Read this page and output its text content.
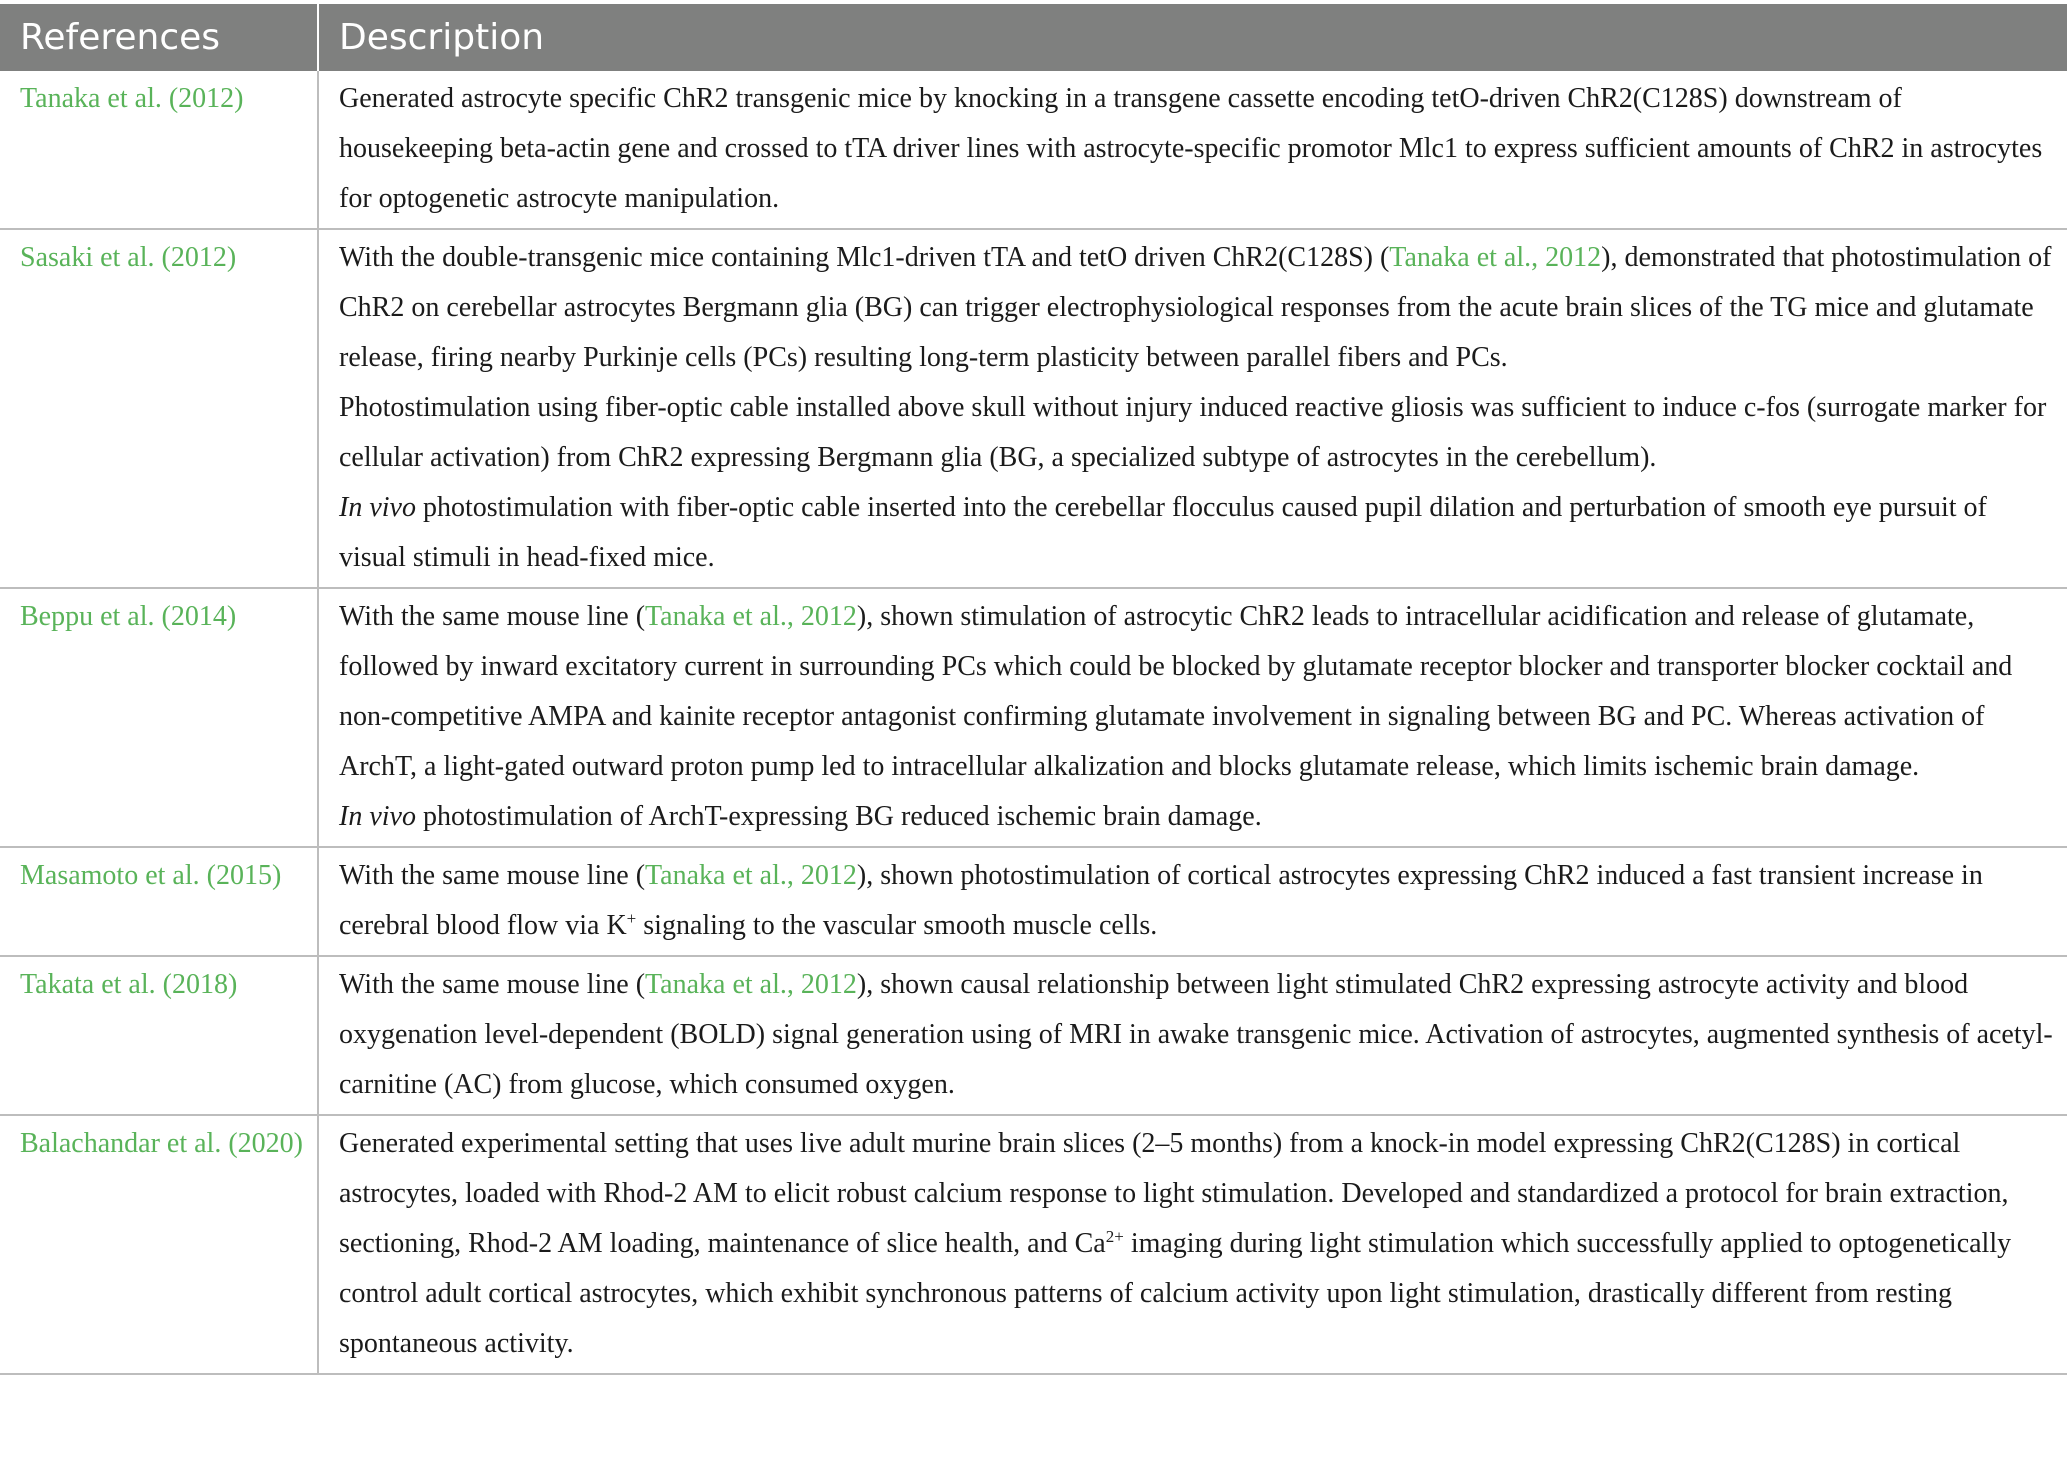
References	Description
Tanaka et al. (2012)	Generated astrocyte specific ChR2 transgenic mice by knocking in a transgene cassette encoding tetO-driven ChR2(C128S) downstream of housekeeping beta-actin gene and crossed to tTA driver lines with astrocyte-specific promotor Mlc1 to express sufficient amounts of ChR2 in astrocytes for optogenetic astrocyte manipulation.

Sasaki et al. (2012)	With the double-transgenic mice containing Mlc1-driven tTA and tetO driven ChR2(C128S) (Tanaka et al., 2012), demonstrated that photostimulation of ChR2 on cerebellar astrocytes Bergmann glia (BG) can trigger electrophysiological responses from the acute brain slices of the TG mice and glutamate release, firing nearby Purkinje cells (PCs) resulting long-term plasticity between parallel fibers and PCs.
Photostimulation using fiber-optic cable installed above skull without injury induced reactive gliosis was sufficient to induce c-fos (surrogate marker for cellular activation) from ChR2 expressing Bergmann glia (BG, a specialized subtype of astrocytes in the cerebellum).
In vivo photostimulation with fiber-optic cable inserted into the cerebellar flocculus caused pupil dilation and perturbation of smooth eye pursuit of visual stimuli in head-fixed mice.

Beppu et al. (2014)	With the same mouse line (Tanaka et al., 2012), shown stimulation of astrocytic ChR2 leads to intracellular acidification and release of glutamate, followed by inward excitatory current in surrounding PCs which could be blocked by glutamate receptor blocker and transporter blocker cocktail and non-competitive AMPA and kainite receptor antagonist confirming glutamate involvement in signaling between BG and PC. Whereas activation of ArchT, a light-gated outward proton pump led to intracellular alkalization and blocks glutamate release, which limits ischemic brain damage.
In vivo photostimulation of ArchT-expressing BG reduced ischemic brain damage.

Masamoto et al. (2015)	With the same mouse line (Tanaka et al., 2012), shown photostimulation of cortical astrocytes expressing ChR2 induced a fast transient increase in cerebral blood flow via K+ signaling to the vascular smooth muscle cells.

Takata et al. (2018)	With the same mouse line (Tanaka et al., 2012), shown causal relationship between light stimulated ChR2 expressing astrocyte activity and blood oxygenation level-dependent (BOLD) signal generation using of MRI in awake transgenic mice. Activation of astrocytes, augmented synthesis of acetyl-carnitine (AC) from glucose, which consumed oxygen.

Balachandar et al. (2020)	Generated experimental setting that uses live adult murine brain slices (2–5 months) from a knock-in model expressing ChR2(C128S) in cortical astrocytes, loaded with Rhod-2 AM to elicit robust calcium response to light stimulation. Developed and standardized a protocol for brain extraction, sectioning, Rhod-2 AM loading, maintenance of slice health, and $Ca^{2+}$ imaging during light stimulation which successfully applied to optogenetically control adult cortical astrocytes, which exhibit synchronous patterns of calcium activity upon light stimulation, drastically different from resting spontaneous activity.
